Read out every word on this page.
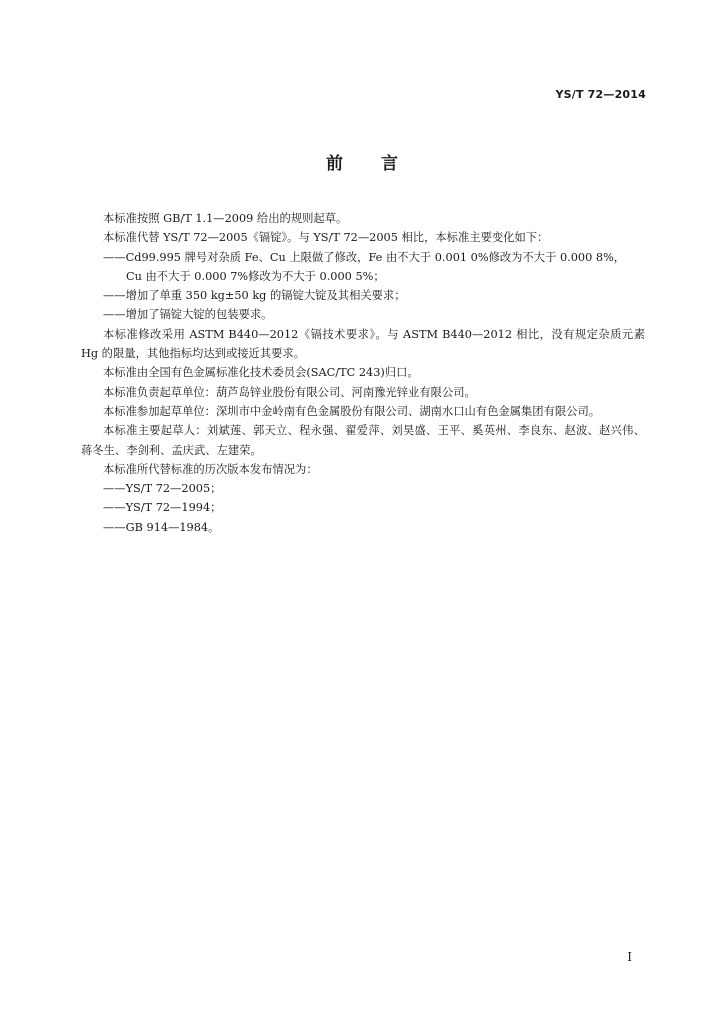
YS/T 72—2014
前言

本标准按照 GB/T 1.1—2009 给出的规则起草。

本标准代替 YS/T 72—2005《镉锭》。与 YS/T 72—2005 相比，本标准主要变化如下：

——Cd99.995 牌号对杂质 Fe、Cu 上限做了修改，Fe 由不大于 0.001 0%修改为不大于 0.000 8%，

Cu 由不大于 0.000 7%修改为不大于 0.000 5%；

——增加了单重 350 kg±50 kg 的镉锭大锭及其相关要求；

——增加了镉锭大锭的包装要求。

本标准修改采用 ASTM B440—2012《镉技术要求》。与 ASTM B440—2012 相比，没有规定杂质元素 Hg 的限量，其他指标均达到或接近其要求。

本标准由全国有色金属标准化技术委员会(SAC/TC 243)归口。

本标准负责起草单位：葫芦岛锌业股份有限公司、河南豫光锌业有限公司。

本标准参加起草单位：深圳市中金岭南有色金属股份有限公司、湖南水口山有色金属集团有限公司。

本标准主要起草人：刘斌莲、郭天立、程永强、翟爱萍、刘昊盛、王平、奚英州、李良东、赵波、赵兴伟、蒋冬生、李剑利、孟庆武、左建荣。

本标准所代替标准的历次版本发布情况为：

——YS/T 72—2005；

——YS/T 72—1994；

——GB 914—1984。

I
